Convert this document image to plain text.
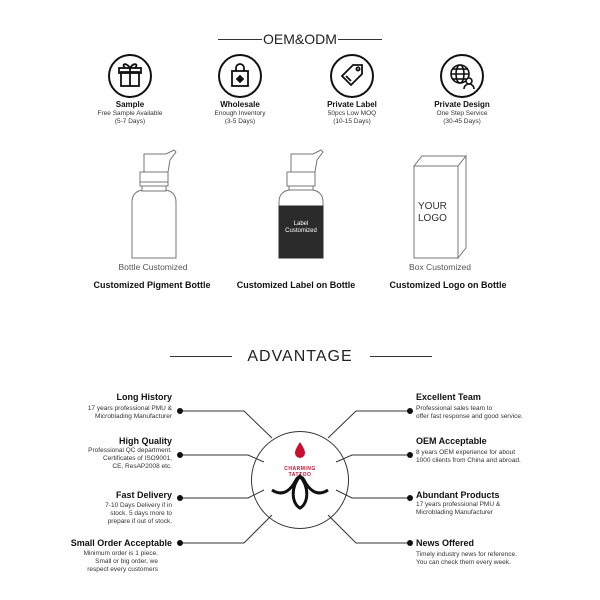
OEM&ODM
Sample
Free Sample Available
(5-7 Days)
Wholesale
Enough Inventory
(3-5 Days)
Private Label
50pcs Low MOQ
(10-15 Days)
Private Design
One Step Service
(30-45 Days)
Bottle Customized
Customized Pigment Bottle
Label
Customized
Customized Label on Bottle
YOUR
LOGO
Box Customized
Customized Logo on Bottle
ADVANTAGE
CHARMING TATTOO
Long History
17 years professional PMU &
Microblading Manufacturer
High Quality
Professional QC department.
Certificates of ISO9001,
CE, ResAP2008 etc.
Fast Delivery
7-10 Days Delivery if in
stock. 5 days more to
prepare if out of stock.
Small Order Acceptable
Minimum order is 1 piece.
Small or big order, we
respect every customers
Excellent Team
Professional sales team to
offer fast response and good service.
OEM Acceptable
8 years OEM experience for about
1000 clients from China and abroad.
Abundant Products
17 years professional PMU &
Microblading Manufacturer
News Offered
Timely industry news for reference.
You can check them every week.
